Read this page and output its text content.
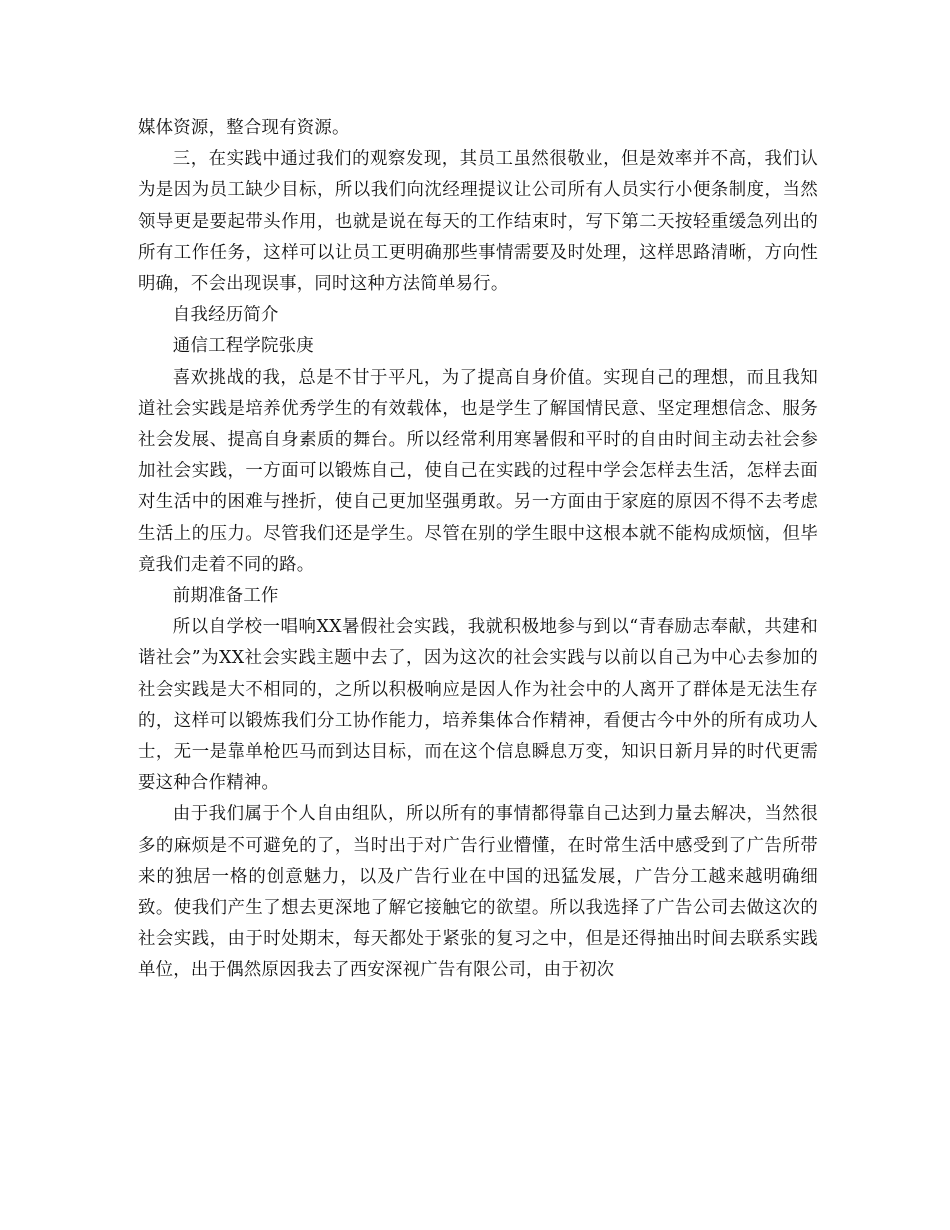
媒体资源，整合现有资源。

三，在实践中通过我们的观察发现，其员工虽然很敬业，但是效率并不高，我们认为是因为员工缺少目标，所以我们向沈经理提议让公司所有人员实行小便条制度，当然领导更是要起带头作用，也就是说在每天的工作结束时，写下第二天按轻重缓急列出的所有工作任务，这样可以让员工更明确那些事情需要及时处理，这样思路清晰，方向性明确，不会出现误事，同时这种方法简单易行。

自我经历简介

通信工程学院张庚

喜欢挑战的我，总是不甘于平凡，为了提高自身价值。实现自己的理想，而且我知道社会实践是培养优秀学生的有效载体，也是学生了解国情民意、坚定理想信念、服务社会发展、提高自身素质的舞台。所以经常利用寒暑假和平时的自由时间主动去社会参加社会实践，一方面可以锻炼自己，使自己在实践的过程中学会怎样去生活，怎样去面对生活中的困难与挫折，使自己更加坚强勇敢。另一方面由于家庭的原因不得不去考虑生活上的压力。尽管我们还是学生。尽管在别的学生眼中这根本就不能构成烦恼，但毕竟我们走着不同的路。

前期准备工作

所以自学校一唱响XX暑假社会实践，我就积极地参与到以“青春励志奉献，共建和谐社会”为XX社会实践主题中去了，因为这次的社会实践与以前以自己为中心去参加的社会实践是大不相同的，之所以积极响应是因人作为社会中的人离开了群体是无法生存的，这样可以锻炼我们分工协作能力，培养集体合作精神，看便古今中外的所有成功人士，无一是靠单枪匹马而到达目标，而在这个信息瞬息万变，知识日新月异的时代更需要这种合作精神。

由于我们属于个人自由组队，所以所有的事情都得靠自己达到力量去解决，当然很多的麻烦是不可避免的了，当时出于对广告行业懵懂，在时常生活中感受到了广告所带来的独居一格的创意魅力，以及广告行业在中国的迅猛发展，广告分工越来越明确细致。使我们产生了想去更深地了解它接触它的欲望。所以我选择了广告公司去做这次的社会实践，由于时处期末，每天都处于紧张的复习之中，但是还得抽出时间去联系实践单位，出于偶然原因我去了西安深视广告有限公司，由于初次
